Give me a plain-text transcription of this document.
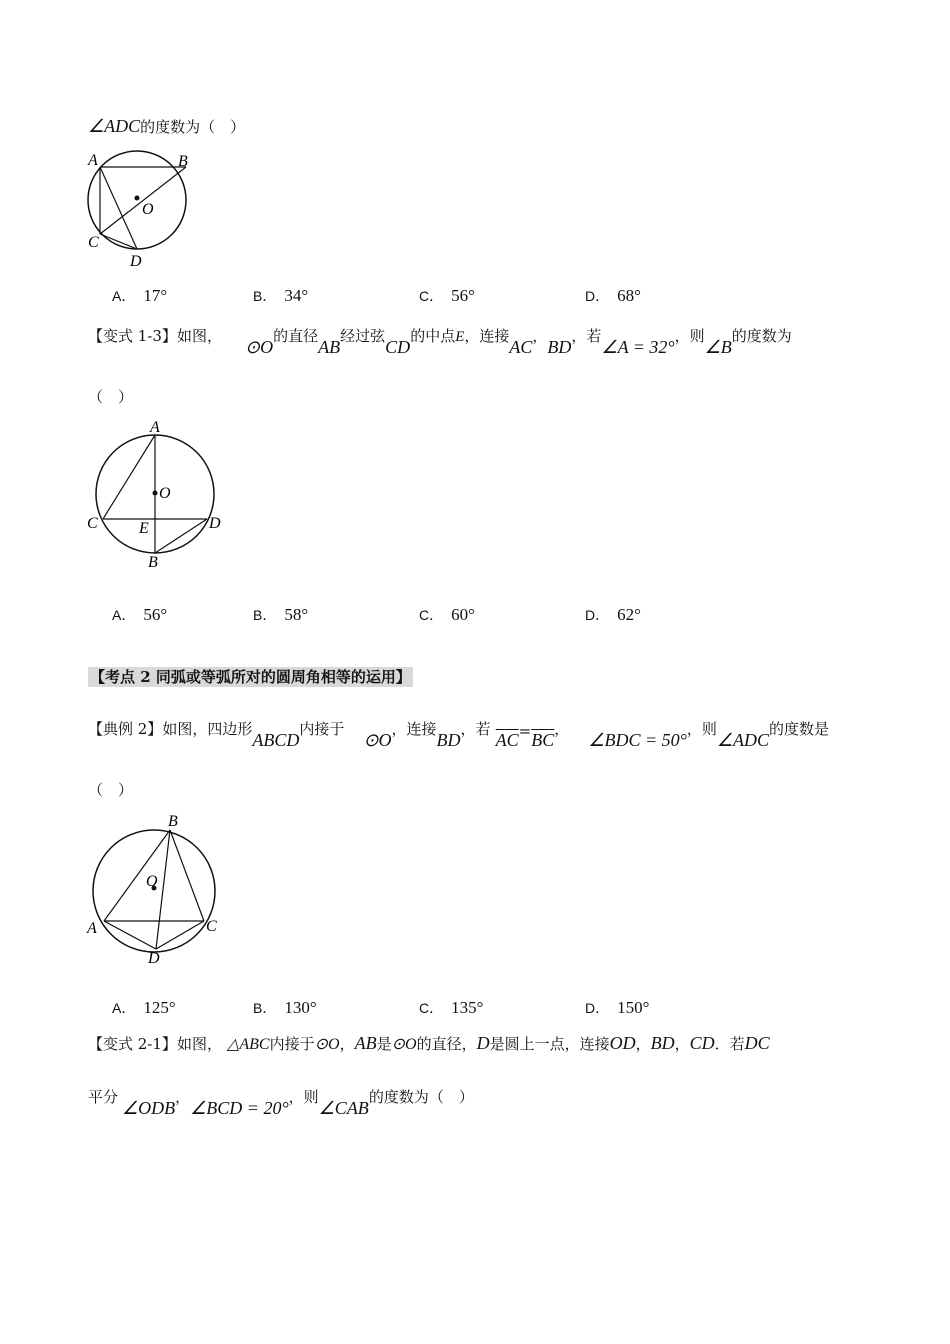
∠ADC的度数为（　）
A	B
C
D
O
A． 17°	B． 34°	C． 56°	D． 68°
【变式 1-3】如图， ⊙O的直径AB经过弦CD的中点E，连接AC，BD，若∠A = 32°，则∠B的度数为
（　）
A
B
C	D
E
O
A． 56°	B． 58°	C． 60°	D． 62°
【考点 2 同弧或等弧所对的圆周角相等的运用】
【典例 2】如图，四边形ABCD内接于 ⊙O，连接BD，若 $\overline{AC}=\overline{BC}$， ∠BDC = 50°，则∠ADC的度数是
（　）
B
O
A	C
D
A． 125°	B． 130°	C． 135°	D． 150°
【变式 2-1】如图， △ABC内接于⊙O，AB是⊙O的直径，D是圆上一点，连接OD，BD，CD．若DC
平分∠ODB，∠BCD = 20°，则∠CAB的度数为（　）
